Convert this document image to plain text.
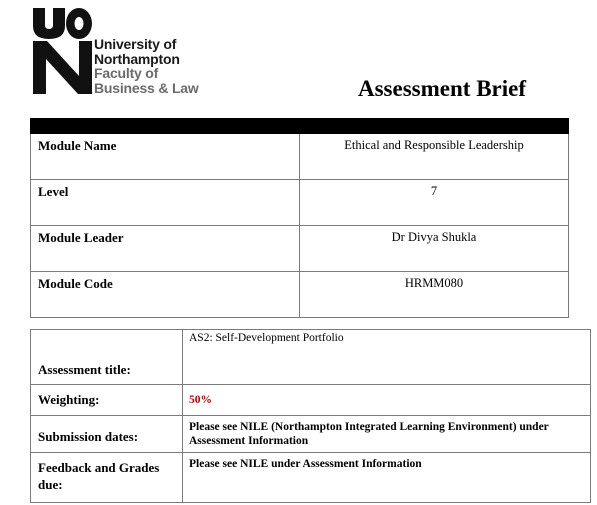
University of
Northampton
Faculty of
Business & Law	Assessment Brief

Module Name	Ethical and Responsible Leadership
Level	7
Module Leader	Dr Divya Shukla
Module Code	HRMM080
Assessment title:	AS2: Self-Development Portfolio
Weighting:	50%
Submission dates:	Please see NILE (Northampton Integrated Learning Environment) under Assessment Information
Feedback and Grades due:	Please see NILE under Assessment Information
